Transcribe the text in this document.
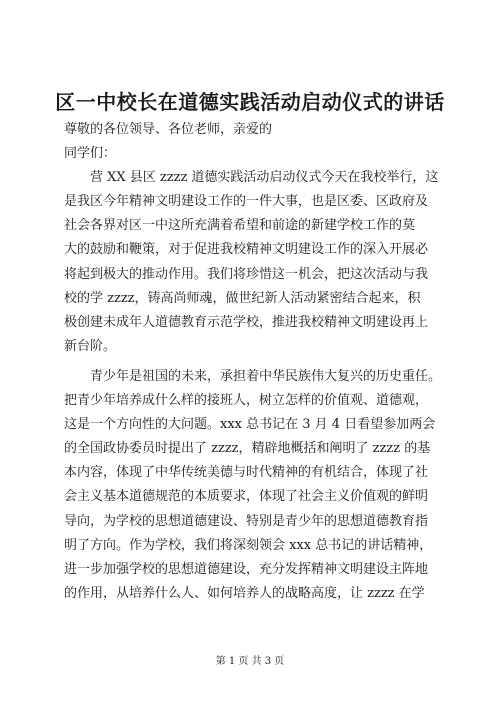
区一中校长在道德实践活动启动仪式的讲话

尊敬的各位领导、各位老师，亲爱的

同学们：

营 XX 县区 zzzz 道德实践活动启动仪式今天在我校举行，这

是我区今年精神文明建设工作的一件大事，也是区委、区政府及

社会各界对区一中这所充满着希望和前途的新建学校工作的莫

大的鼓励和鞭策，对于促进我校精神文明建设工作的深入开展必

将起到极大的推动作用。我们将珍惜这一机会，把这次活动与我

校的学 zzzz，铸高尚师魂，做世纪新人活动紧密结合起来，积

极创建未成年人道德教育示范学校，推进我校精神文明建设再上

新台阶。

青少年是祖国的未来，承担着中华民族伟大复兴的历史重任。

把青少年培养成什么样的接班人，树立怎样的价值观、道德观，

这是一个方向性的大问题。xxx 总书记在 3 月 4 日看望参加两会

的全国政协委员时提出了 zzzz，精辟地概括和阐明了 zzzz 的基

本内容，体现了中华传统美德与时代精神的有机结合，体现了社

会主义基本道德规范的本质要求，体现了社会主义价值观的鲜明

导向，为学校的思想道德建设、特别是青少年的思想道德教育指

明了方向。作为学校，我们将深刻领会 xxx 总书记的讲话精神，

进一步加强学校的思想道德建设，充分发挥精神文明建设主阵地

的作用，从培养什么人、如何培养人的战略高度，让 zzzz 在学

第 1 页 共 3 页
